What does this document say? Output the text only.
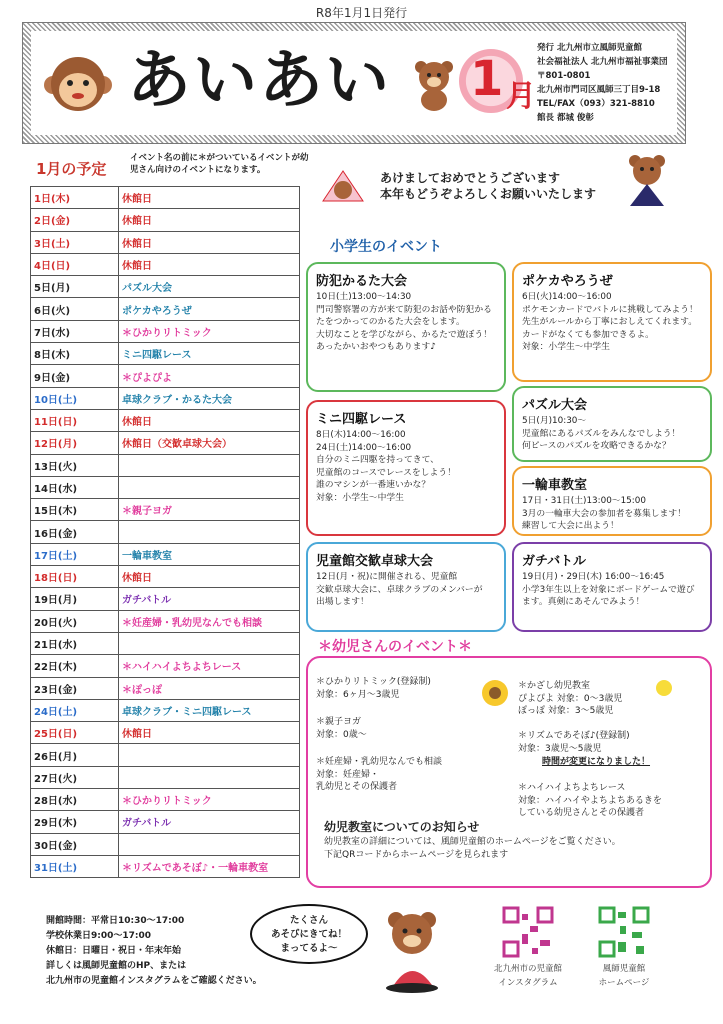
R8年1月1日発行
あいあい 1 月
発行 北九州市立風師児童館
社会福祉法人 北九州市福祉事業団
〒801-0801
北九州市門司区風師三丁目9-18
TEL/FAX（093）321-8810
館長 都城 俊彰
1月の予定
イベント名の前に＊がついているイベントが幼児さん向けのイベントになります。
1日(木)	休館日
2日(金)	休館日
3日(土)	休館日
4日(日)	休館日
5日(月)	パズル大会
6日(火)	ポケカやろうぜ
7日(水)	＊ひかりリトミック
8日(木)	ミニ四駆レース
9日(金)	＊ぴよぴよ
10日(土)	卓球クラブ・かるた大会
11日(日)	休館日
12日(月)	休館日（交歓卓球大会）
13日(火)	
14日(水)	
15日(木)	＊親子ヨガ
16日(金)	
17日(土)	一輪車教室
18日(日)	休館日
19日(月)	ガチバトル
20日(火)	＊妊産婦・乳幼児なんでも相談
21日(水)	
22日(木)	＊ハイハイよちよちレース
23日(金)	＊ぽっぽ
24日(土)	卓球クラブ・ミニ四駆レース
25日(日)	休館日
26日(月)	
27日(火)	
28日(水)	＊ひかりリトミック
29日(木)	ガチバトル
30日(金)	
31日(土)	＊リズムであそぼ♪・一輪車教室
あけましておめでとうございます
本年もどうぞよろしくお願いいたします
小学生のイベント
防犯かるた大会

10日(土)13:00～14:30
門司警察署の方が来て防犯のお話や防犯かるたをつかってのかるた大会をします。
大切なことを学びながら、かるたで遊ぼう！
あったかいおやつもあります♪

ポケカやろうぜ

6日(火)14:00～16:00
ポケモンカードでバトルに挑戦してみよう！
先生がルールから丁寧におしえてくれます。
カードがなくても参加できるよ。
対象：小学生～中学生

パズル大会

5日(月)10:30～
児童館にあるパズルをみんなでしよう！
何ピースのパズルを攻略できるかな？

ミニ四駆レース

8日(木)14:00～16:00
24日(土)14:00～16:00
自分のミニ四駆を持ってきて、
児童館のコースでレースをしよう！
誰のマシンが一番速いかな？
対象：小学生～中学生

一輪車教室

17日・31日(土)13:00～15:00
3月の一輪車大会の参加者を募集します！
練習して大会に出よう！

児童館交歓卓球大会

12日(月・祝)に開催される、児童館
交歓卓球大会に、卓球クラブのメンバーが
出場します！

ガチバトル

19日(月)・29日(木) 16:00～16:45
小学3年生以上を対象にボードゲームで遊びます。真剣にあそんでみよう！

＊幼児さんのイベント＊
＊ひかりリトミック(登録制)
対象：6ヶ月～3歳児
＊親子ヨガ
対象：0歳～
＊妊産婦・乳幼児なんでも相談
対象：妊産婦・
乳幼児とその保護者
＊かざし幼児教室
ぴよぴよ 対象：0～3歳児
ぽっぽ 対象：3～5歳児
＊リズムであそぼ♪(登録制)
対象：3歳児～5歳児
時間が変更になりました！
＊ハイハイよちよちレース
対象：ハイハイやよちよちあるきを
している幼児さんとその保護者
幼児教室についてのお知らせ
幼児教室の詳細については、風師児童館のホームページをご覧ください。
下記QRコードからホームページを見られます
開館時間：平常日10:30～17:00
学校休業日9:00～17:00
休館日：日曜日・祝日・年末年始
詳しくは風師児童館のHP、または
北九州市の児童館インスタグラムをご確認ください。
たくさん
あそびにきてね！
まってるよ～
北九州市の児童館
インスタグラム
風師児童館
ホームページ
